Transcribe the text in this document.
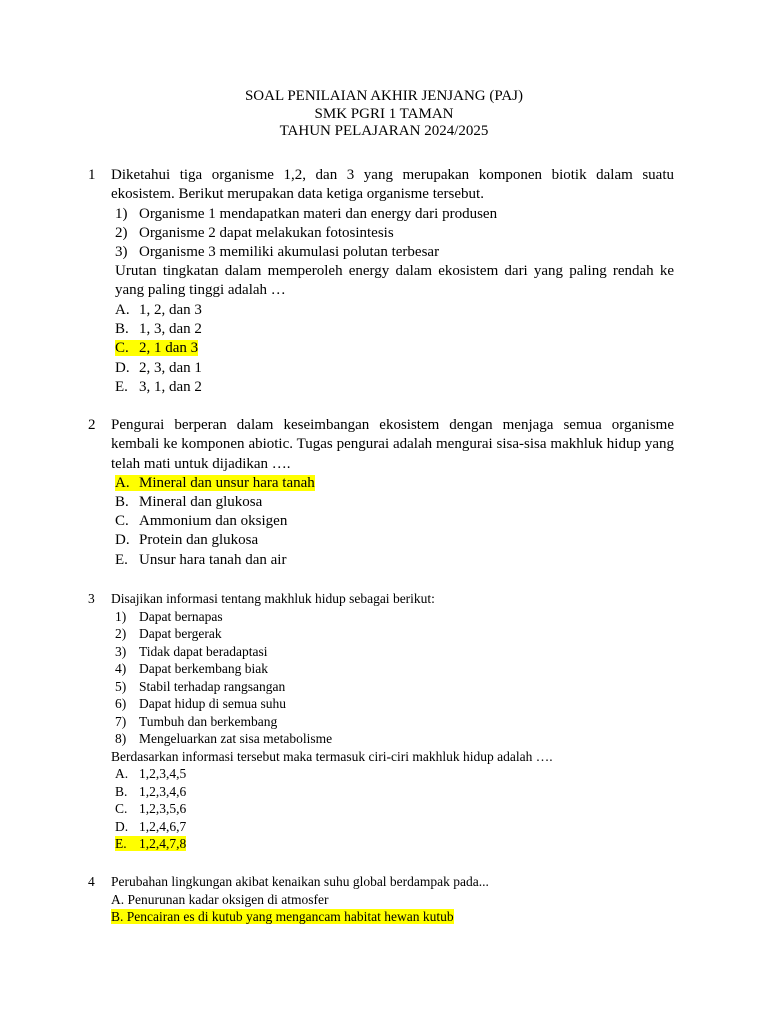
SOAL PENILAIAN AKHIR JENJANG (PAJ)
SMK PGRI 1 TAMAN
TAHUN PELAJARAN 2024/2025
1 Diketahui tiga organisme 1,2, dan 3 yang merupakan komponen biotik dalam suatu ekosistem. Berikut merupakan data ketiga organisme tersebut.
1) Organisme 1 mendapatkan materi dan energy dari produsen
2) Organisme 2 dapat melakukan fotosintesis
3) Organisme 3 memiliki akumulasi polutan terbesar
Urutan tingkatan dalam memperoleh energy dalam ekosistem dari yang paling rendah ke yang paling tinggi adalah …
A. 1, 2, dan 3
B. 1, 3, dan 2
C. 2, 1 dan 3
D. 2, 3, dan 1
E. 3, 1, dan 2
2 Pengurai berperan dalam keseimbangan ekosistem dengan menjaga semua organisme kembali ke komponen abiotic. Tugas pengurai adalah mengurai sisa-sisa makhluk hidup yang telah mati untuk dijadikan ….
A. Mineral dan unsur hara tanah
B. Mineral dan glukosa
C. Ammonium dan oksigen
D. Protein dan glukosa
E. Unsur hara tanah dan air
3 Disajikan informasi tentang makhluk hidup sebagai berikut:
1) Dapat bernapas
2) Dapat bergerak
3) Tidak dapat beradaptasi
4) Dapat berkembang biak
5) Stabil terhadap rangsangan
6) Dapat hidup di semua suhu
7) Tumbuh dan berkembang
8) Mengeluarkan zat sisa metabolisme
Berdasarkan informasi tersebut maka termasuk ciri-ciri makhluk hidup adalah ….
A. 1,2,3,4,5
B. 1,2,3,4,6
C. 1,2,3,5,6
D. 1,2,4,6,7
E. 1,2,4,7,8
4 Perubahan lingkungan akibat kenaikan suhu global berdampak pada...
A. Penurunan kadar oksigen di atmosfer
B. Pencairan es di kutub yang mengancam habitat hewan kutub
